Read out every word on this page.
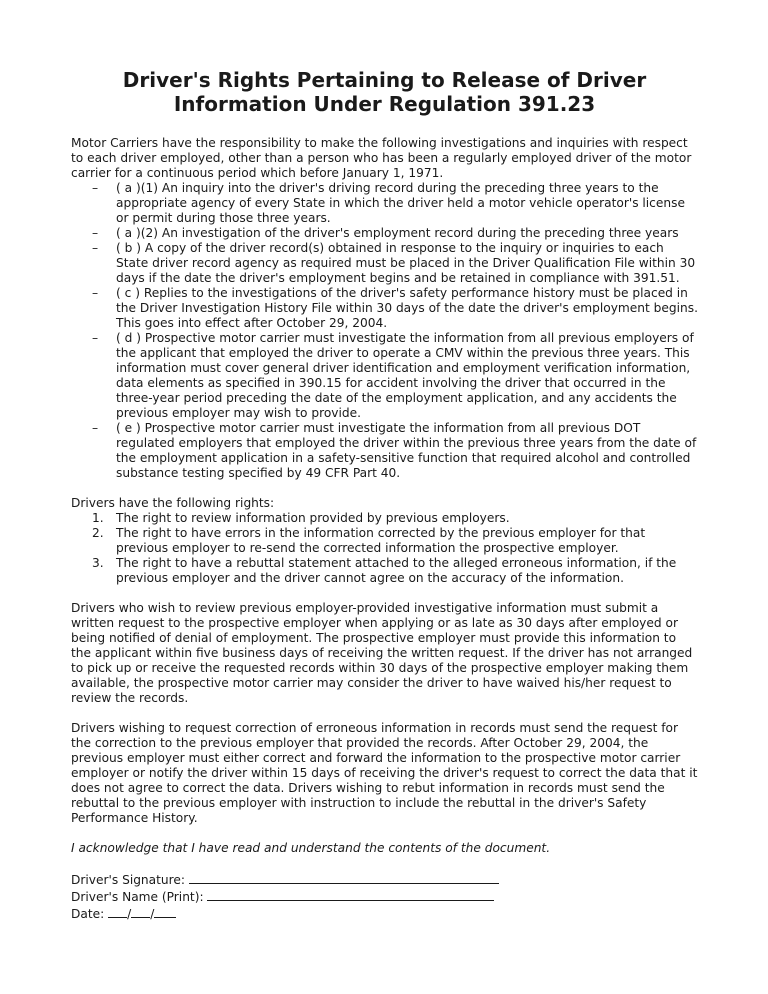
Driver's Rights Pertaining to Release of Driver Information Under Regulation 391.23

Motor Carriers have the responsibility to make the following investigations and inquiries with respect to each driver employed, other than a person who has been a regularly employed driver of the motor carrier for a continuous period which before January 1, 1971.

– ( a )(1) An inquiry into the driver's driving record during the preceding three years to the appropriate agency of every State in which the driver held a motor vehicle operator's license or permit during those three years.
– ( a )(2) An investigation of the driver's employment record during the preceding three years
– ( b ) A copy of the driver record(s) obtained in response to the inquiry or inquiries to each State driver record agency as required must be placed in the Driver Qualification File within 30 days if the date the driver's employment begins and be retained in compliance with 391.51.
– ( c ) Replies to the investigations of the driver's safety performance history must be placed in the Driver Investigation History File within 30 days of the date the driver's employment begins. This goes into effect after October 29, 2004.
– ( d ) Prospective motor carrier must investigate the information from all previous employers of the applicant that employed the driver to operate a CMV within the previous three years. This information must cover general driver identification and employment verification information, data elements as specified in 390.15 for accident involving the driver that occurred in the three-year period preceding the date of the employment application, and any accidents the previous employer may wish to provide.
– ( e ) Prospective motor carrier must investigate the information from all previous DOT regulated employers that employed the driver within the previous three years from the date of the employment application in a safety-sensitive function that required alcohol and controlled substance testing specified by 49 CFR Part 40.

Drivers have the following rights:

1. The right to review information provided by previous employers.
2. The right to have errors in the information corrected by the previous employer for that previous employer to re-send the corrected information the prospective employer.
3. The right to have a rebuttal statement attached to the alleged erroneous information, if the previous employer and the driver cannot agree on the accuracy of the information.

Drivers who wish to review previous employer-provided investigative information must submit a written request to the prospective employer when applying or as late as 30 days after employed or being notified of denial of employment. The prospective employer must provide this information to the applicant within five business days of receiving the written request. If the driver has not arranged to pick up or receive the requested records within 30 days of the prospective employer making them available, the prospective motor carrier may consider the driver to have waived his/her request to review the records.

Drivers wishing to request correction of erroneous information in records must send the request for the correction to the previous employer that provided the records. After October 29, 2004, the previous employer must either correct and forward the information to the prospective motor carrier employer or notify the driver within 15 days of receiving the driver's request to correct the data that it does not agree to correct the data. Drivers wishing to rebut information in records must send the rebuttal to the previous employer with instruction to include the rebuttal in the driver's Safety Performance History.

I acknowledge that I have read and understand the contents of the document.

Driver's Signature:
Driver's Name (Print):
Date: / /
